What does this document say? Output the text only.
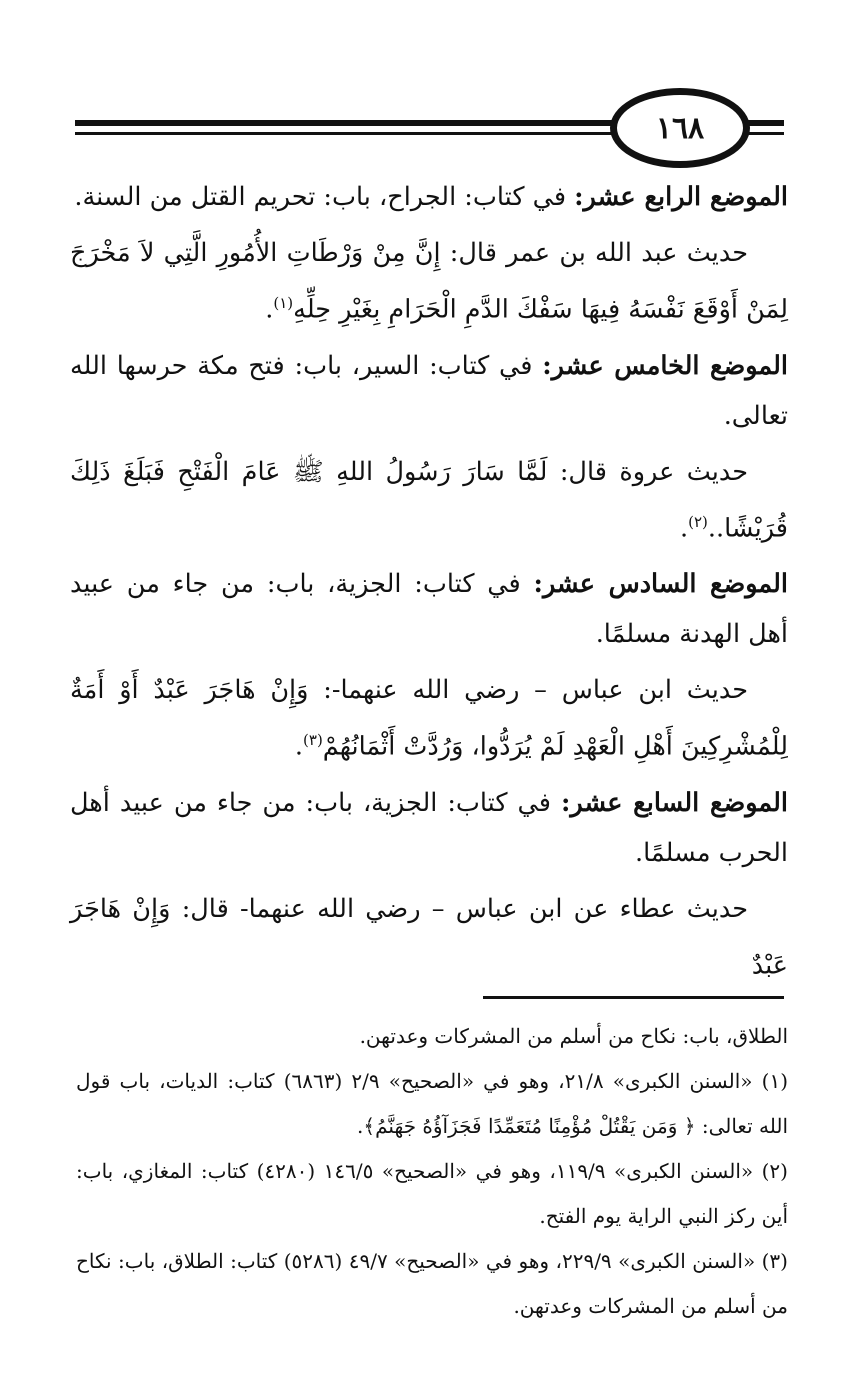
١٦٨

الموضع الرابع عشر: في كتاب: الجراح، باب: تحريم القتل من السنة.

حديث عبد الله بن عمر قال: إِنَّ مِنْ وَرْطَاتِ الأُمُورِ الَّتِي لاَ مَخْرَجَ لِمَنْ أَوْقَعَ نَفْسَهُ فِيهَا سَفْكَ الدَّمِ الْحَرَامِ بِغَيْرِ حِلِّهِ$^{(١)}$.

الموضع الخامس عشر: في كتاب: السير، باب: فتح مكة حرسها الله تعالى.

حديث عروة قال: لَمَّا سَارَ رَسُولُ اللهِ ﷺ عَامَ الْفَتْحِ فَبَلَغَ ذَلِكَ قُرَيْشًا..$^{(٢)}$.

الموضع السادس عشر: في كتاب: الجزية، باب: من جاء من عبيد أهل الهدنة مسلمًا.

حديث ابن عباس – رضي الله عنهما-: وَإِنْ هَاجَرَ عَبْدٌ أَوْ أَمَةٌ لِلْمُشْرِكِينَ أَهْلِ الْعَهْدِ لَمْ يُرَدُّوا، وَرُدَّتْ أَثْمَانُهُمْ$^{(٣)}$.

الموضع السابع عشر: في كتاب: الجزية، باب: من جاء من عبيد أهل الحرب مسلمًا.

حديث عطاء عن ابن عباس – رضي الله عنهما- قال: وَإِنْ هَاجَرَ عَبْدٌ

الطلاق، باب: نكاح من أسلم من المشركات وعدتهن.

(١) «السنن الكبرى» ٢١/٨، وهو في «الصحيح» ٢/٩ (٦٨٦٣) كتاب: الديات، باب قول الله تعالى: ﴿ وَمَن يَقْتُلْ مُؤْمِنًا مُتَعَمِّدًا فَجَزَآؤُهُ جَهَنَّمُ﴾.

(٢) «السنن الكبرى» ١١٩/٩، وهو في «الصحيح» ١٤٦/٥ (٤٢٨٠) كتاب: المغازي، باب: أين ركز النبي الراية يوم الفتح.

(٣) «السنن الكبرى» ٢٢٩/٩، وهو في «الصحيح» ٤٩/٧ (٥٢٨٦) كتاب: الطلاق، باب: نكاح من أسلم من المشركات وعدتهن.
